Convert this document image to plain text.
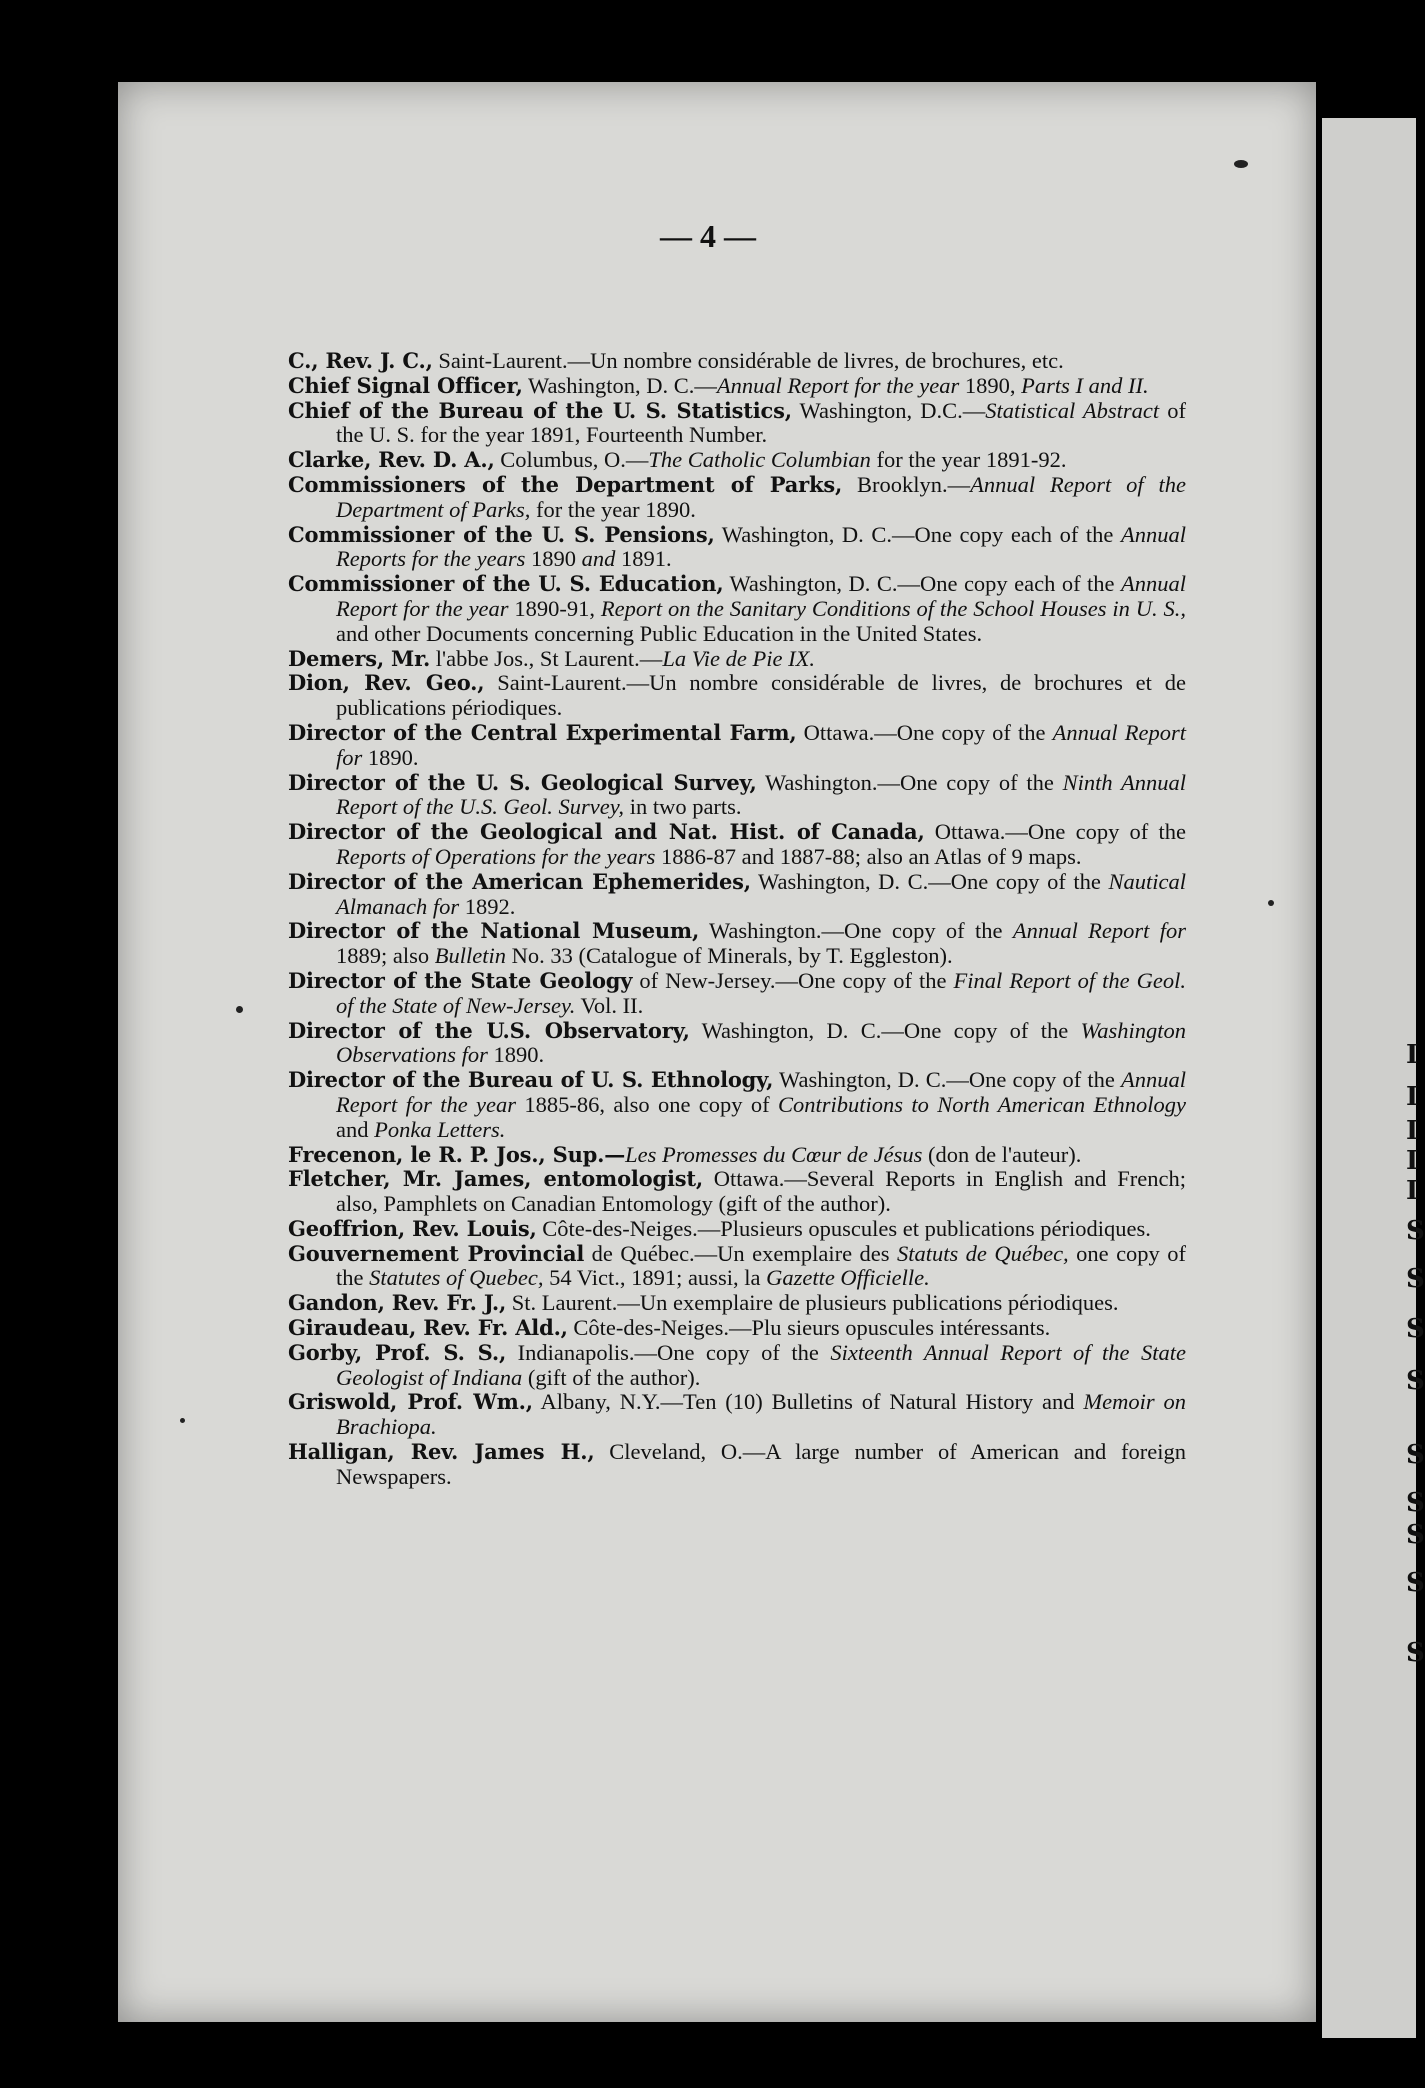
— 4 —

C., Rev. J. C., Saint-Laurent.—Un nombre considérable de livres, de brochures, etc.

Chief Signal Officer, Washington, D. C.—Annual Report for the year 1890, Parts I and II.

Chief of the Bureau of the U. S. Statistics, Washington, D.C.—Statistical Abstract of the U. S. for the year 1891, Fourteenth Number.

Clarke, Rev. D. A., Columbus, O.—The Catholic Columbian for the year 1891-92.

Commissioners of the Department of Parks, Brooklyn.—Annual Report of the Department of Parks, for the year 1890.

Commissioner of the U. S. Pensions, Washington, D. C.—One copy each of the Annual Reports for the years 1890 and 1891.

Commissioner of the U. S. Education, Washington, D. C.—One copy each of the Annual Report for the year 1890-91, Report on the Sanitary Conditions of the School Houses in U. S., and other Documents concerning Public Education in the United States.

Demers, Mr. l'abbe Jos., St Laurent.—La Vie de Pie IX.

Dion, Rev. Geo., Saint-Laurent.—Un nombre considérable de livres, de brochures et de publications périodiques.

Director of the Central Experimental Farm, Ottawa.—One copy of the Annual Report for 1890.

Director of the U. S. Geological Survey, Washington.—One copy of the Ninth Annual Report of the U.S. Geol. Survey, in two parts.

Director of the Geological and Nat. Hist. of Canada, Ottawa.—One copy of the Reports of Operations for the years 1886-87 and 1887-88; also an Atlas of 9 maps.

Director of the American Ephemerides, Washington, D. C.—One copy of the Nautical Almanach for 1892.

Director of the National Museum, Washington.—One copy of the Annual Report for 1889; also Bulletin No. 33 (Catalogue of Minerals, by T. Eggleston).

Director of the State Geology of New-Jersey.—One copy of the Final Report of the Geol. of the State of New-Jersey. Vol. II.

Director of the U.S. Observatory, Washington, D. C.—One copy of the Washington Observations for 1890.

Director of the Bureau of U. S. Ethnology, Washington, D. C.—One copy of the Annual Report for the year 1885-86, also one copy of Contributions to North American Ethnology and Ponka Letters.

Frecenon, le R. P. Jos., Sup.—Les Promesses du Cœur de Jésus (don de l'auteur).

Fletcher, Mr. James, entomologist, Ottawa.—Several Reports in English and French; also, Pamphlets on Canadian Entomology (gift of the author).

Geoffrion, Rev. Louis, Côte-des-Neiges.—Plusieurs opuscules et publications périodiques.

Gouvernement Provincial de Québec.—Un exemplaire des Statuts de Québec, one copy of the Statutes of Quebec, 54 Vict., 1891; aussi, la Gazette Officielle.

Gandon, Rev. Fr. J., St. Laurent.—Un exemplaire de plusieurs publications périodiques.

Giraudeau, Rev. Fr. Ald., Côte-des-Neiges.—Plu sieurs opuscules intéressants.

Gorby, Prof. S. S., Indianapolis.—One copy of the Sixteenth Annual Report of the State Geologist of Indiana (gift of the author).

Griswold, Prof. Wm., Albany, N.Y.—Ten (10) Bulletins of Natural History and Memoir on Brachiopa.

Halligan, Rev. James H., Cleveland, O.—A large number of American and foreign Newspapers.

I
I
I
I
I
S
S
S
S
S
S
S
S
S
